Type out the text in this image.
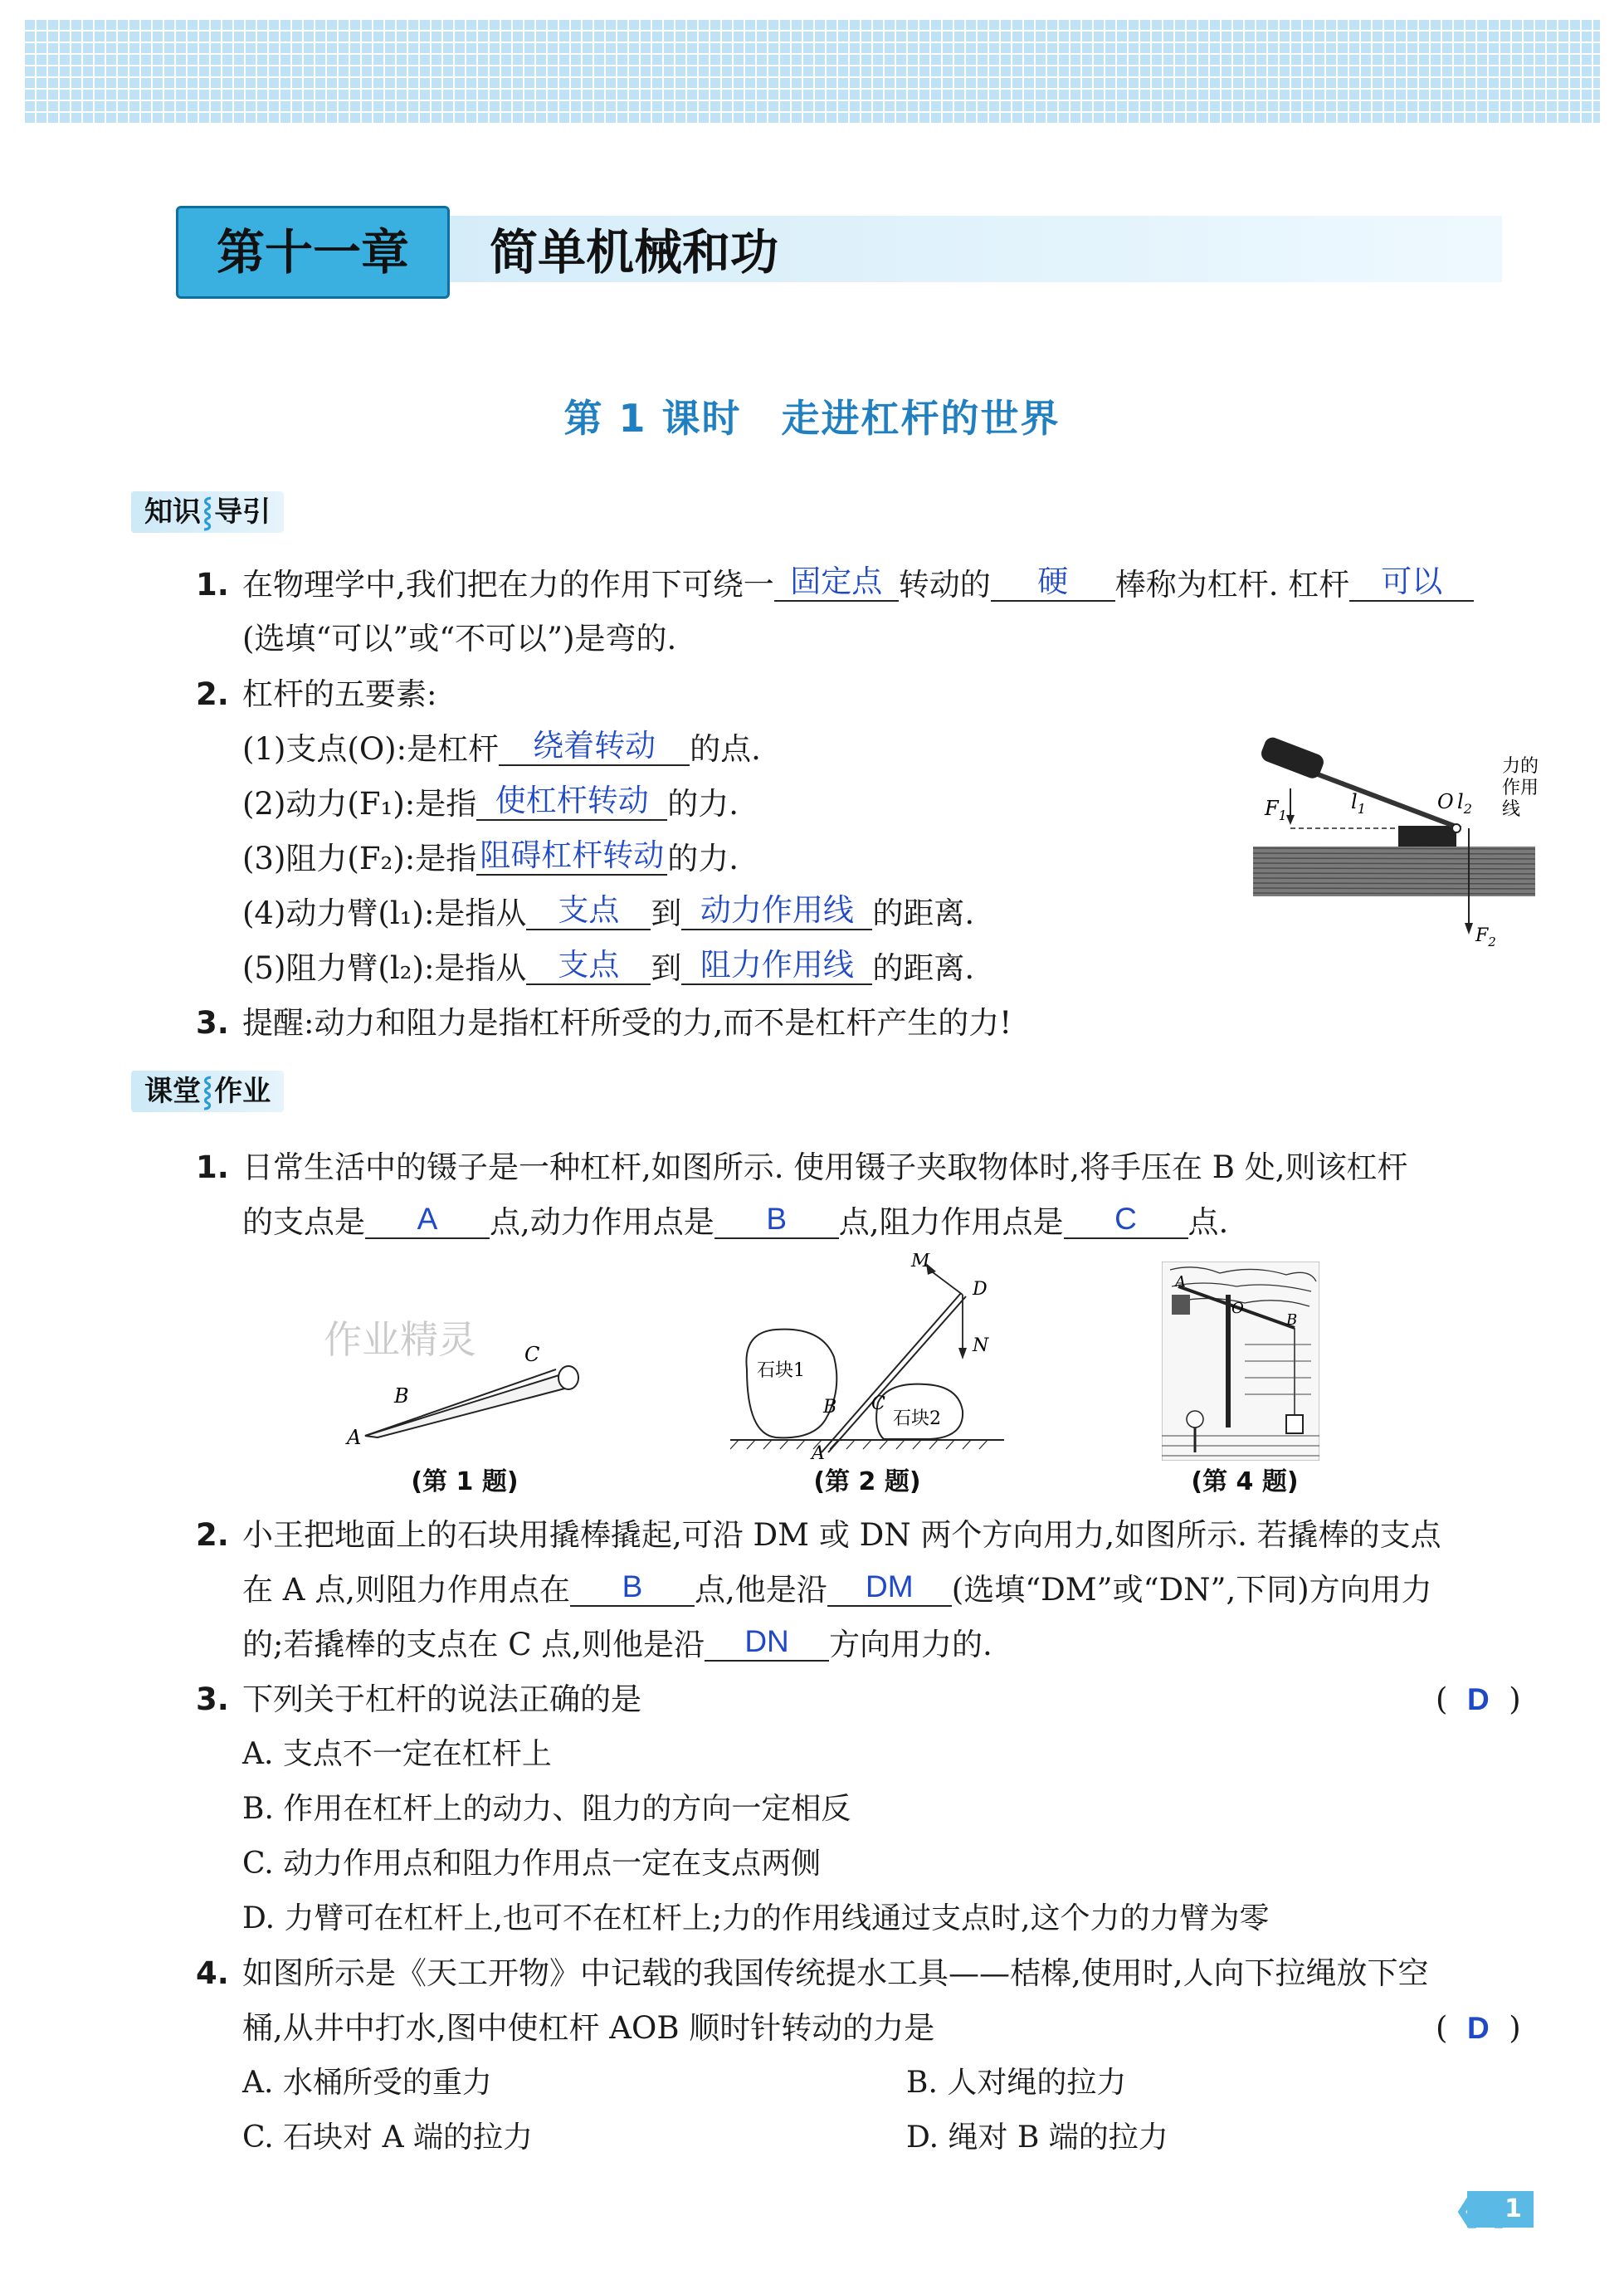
第十一章	简单机械和功
第 1 课时　走进杠杆的世界
知识⸾导引
1. 在物理学中,我们把在力的作用下可绕一 固定点 转动的 硬 棒称为杠杆. 杠杆 可以
(选填“可以”或“不可以”)是弯的.
2. 杠杆的五要素:
(1)支点(O):是杠杆 绕着转动 的点.
(2)动力(F₁):是指 使杠杆转动 的力.
(3)阻力(F₂):是指 阻碍杠杆转动 的力.
(4)动力臂(l₁):是指从 支点 到 动力作用线 的距离.
(5)阻力臂(l₂):是指从 支点 到 阻力作用线 的距离.
3. 提醒:动力和阻力是指杠杆所受的力,而不是杠杆产生的力!
$F_1$
$l_1$	O $l_2$
$F_2$
力的
作用
线
课堂⸾作业
1. 日常生活中的镊子是一种杠杆,如图所示. 使用镊子夹取物体时,将手压在 B 处,则该杠杆
的支点是 A 点,动力作用点是 B 点,阻力作用点是 C 点.
作业精灵
A
B
C
(第 1 题)
M
D
N
B C
A
石块1
石块2
(第 2 题)
A
O
B
(第 4 题)
2. 小王把地面上的石块用撬棒撬起,可沿 DM 或 DN 两个方向用力,如图所示. 若撬棒的支点
在 A 点,则阻力作用点在 B 点,他是沿 DM (选填“DM”或“DN”,下同)方向用力
的;若撬棒的支点在 C 点,则他是沿 DN 方向用力的.
3. 下列关于杠杆的说法正确的是	(  D  )
A. 支点不一定在杠杆上
B. 作用在杠杆上的动力、阻力的方向一定相反
C. 动力作用点和阻力作用点一定在支点两侧
D. 力臂可在杠杆上,也可不在杠杆上;力的作用线通过支点时,这个力的力臂为零
4. 如图所示是《天工开物》中记载的我国传统提水工具——桔槔,使用时,人向下拉绳放下空
桶,从井中打水,图中使杠杆 AOB 顺时针转动的力是	(  D  )
A. 水桶所受的重力	B. 人对绳的拉力
C. 石块对 A 端的拉力	D. 绳对 B 端的拉力
1
❮❮
